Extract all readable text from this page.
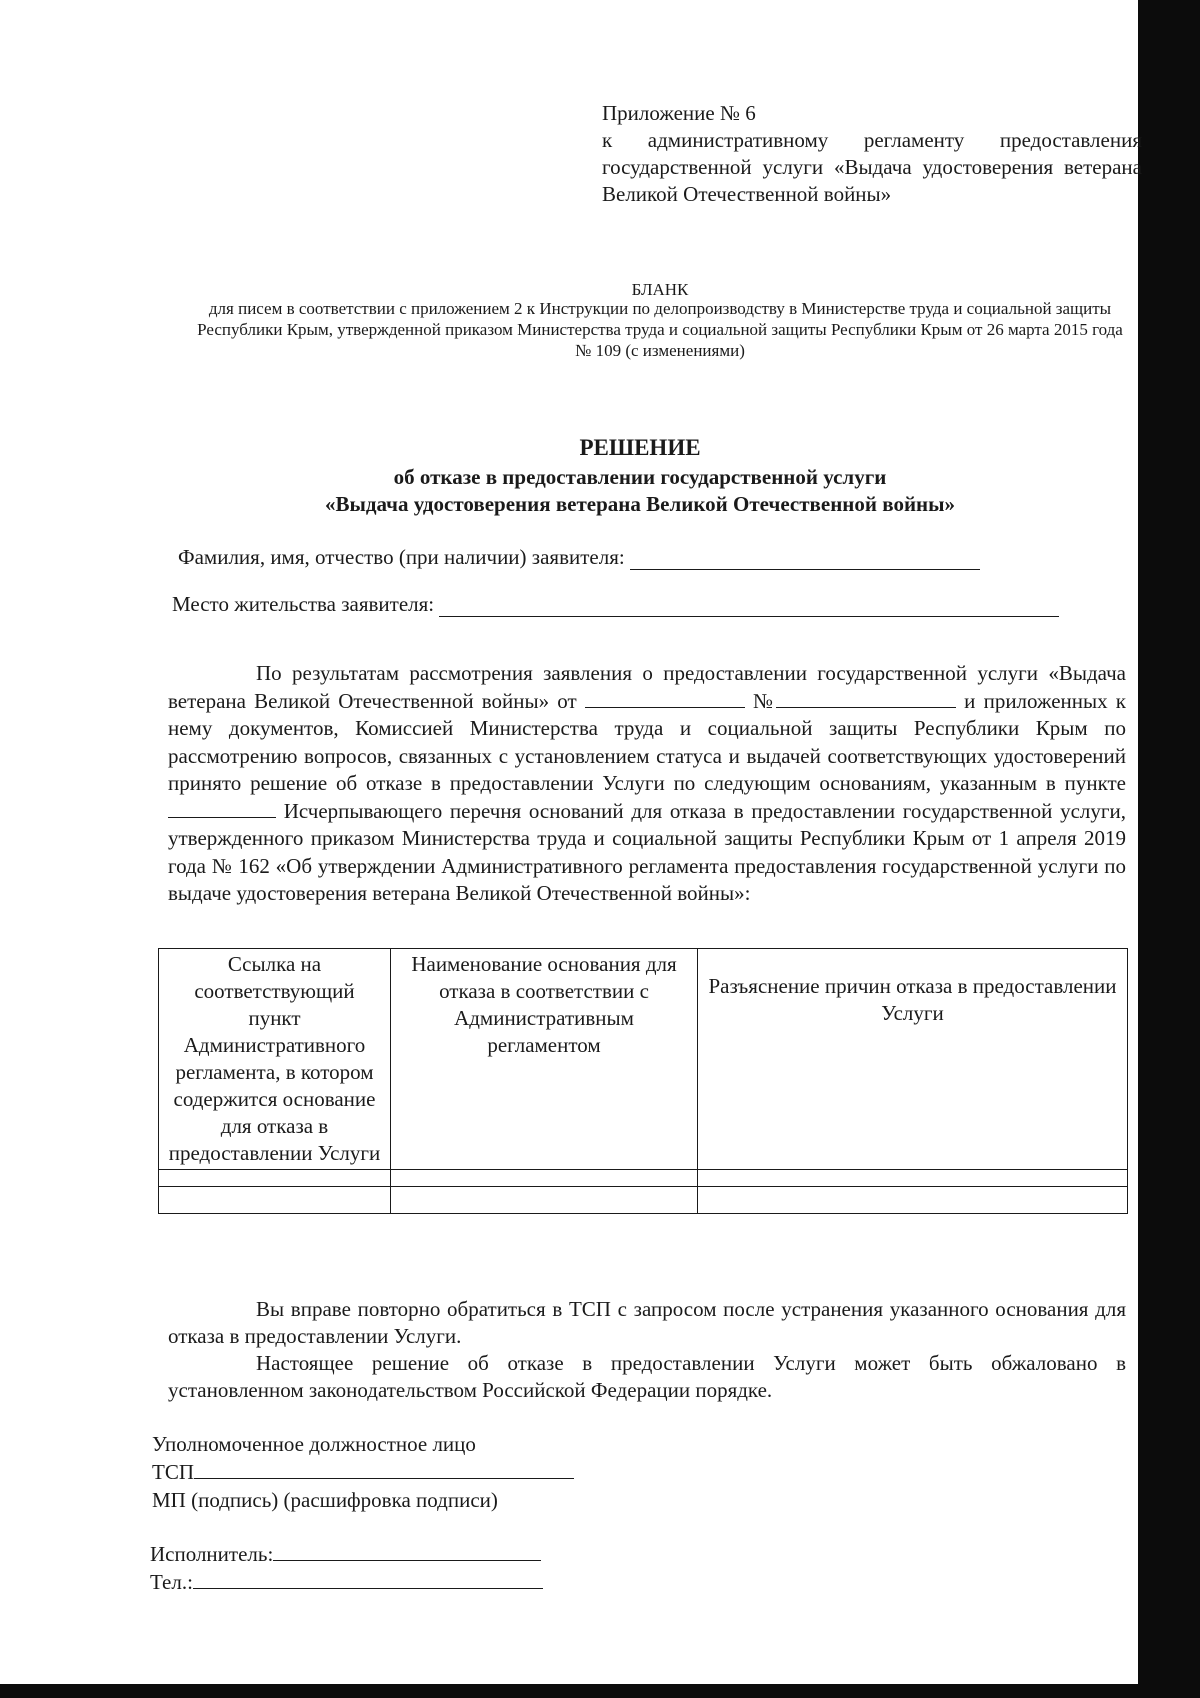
Приложение № 6
к административному регламенту предоставления государственной услуги «Выдача удостоверения ветерана Великой Отечественной войны»
БЛАНК
для писем в соответствии с приложением 2 к Инструкции по делопроизводству в Министерстве труда и социальной защиты Республики Крым, утвержденной приказом Министерства труда и социальной защиты Республики Крым от 26 марта 2015 года № 109 (с изменениями)
РЕШЕНИЕ
об отказе в предоставлении государственной услуги
«Выдача удостоверения ветерана Великой Отечественной войны»
Фамилия, имя, отчество (при наличии) заявителя:
Место жительства заявителя:
По результатам рассмотрения заявления о предоставлении государственной услуги «Выдача ветерана Великой Отечественной войны» от	№	и приложенных к нему документов, Комиссией Министерства труда и социальной защиты Республики Крым по рассмотрению вопросов, связанных с установлением статуса и выдачей соответствующих удостоверений принято решение об отказе в предоставлении Услуги по следующим основаниям, указанным в пункте  Исчерпывающего перечня оснований для отказа в предоставлении государственной услуги, утвержденного приказом Министерства труда и социальной защиты Республики Крым от 1 апреля 2019 года № 162 «Об утверждении Административного регламента предоставления государственной услуги по выдаче удостоверения ветерана Великой Отечественной войны»:
Ссылка на соответствующий пункт Административного регламента, в котором содержится основание для отказа в предоставлении Услуги	Наименование основания для отказа в соответствии с Административным регламентом	Разъяснение причин отказа в предоставлении Услуги

Вы вправе повторно обратиться в ТСП с запросом после устранения указанного основания для отказа в предоставлении Услуги.

Настоящее решение об отказе в предоставлении Услуги может быть обжаловано в установленном законодательством Российской Федерации порядке.

Уполномоченное должностное лицо
ТСП
МП (подпись) (расшифровка подписи)
Исполнитель:
Тел.:
